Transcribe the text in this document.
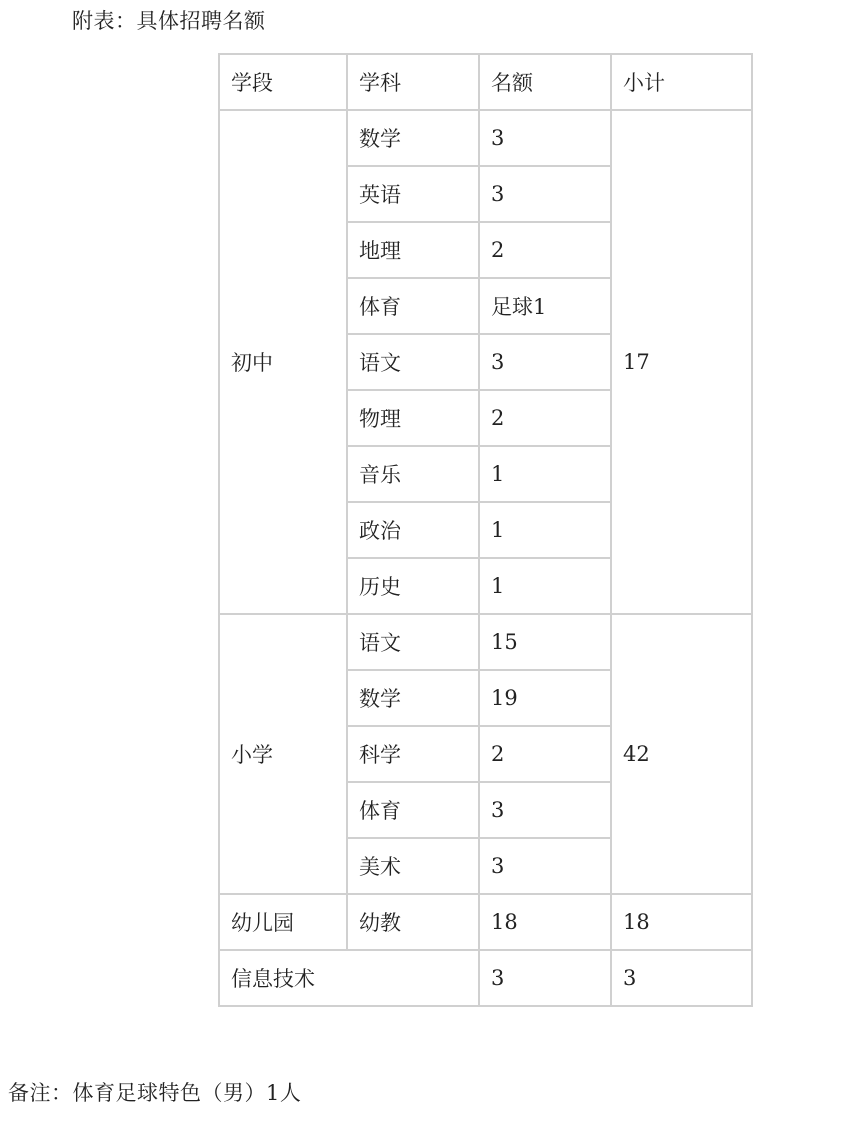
附表：具体招聘名额
学段	学科	名额	小计
初中	数学	3	17
	英语	3	
	地理	2	
	体育	足球1	
	语文	3	
	物理	2	
	音乐	1	
	政治	1	
	历史	1	
小学	语文	15	42
	数学	19	
	科学	2	
	体育	3	
	美术	3	
幼儿园	幼教	18	18
信息技术		3	3
备注：体育足球特色（男）1人
